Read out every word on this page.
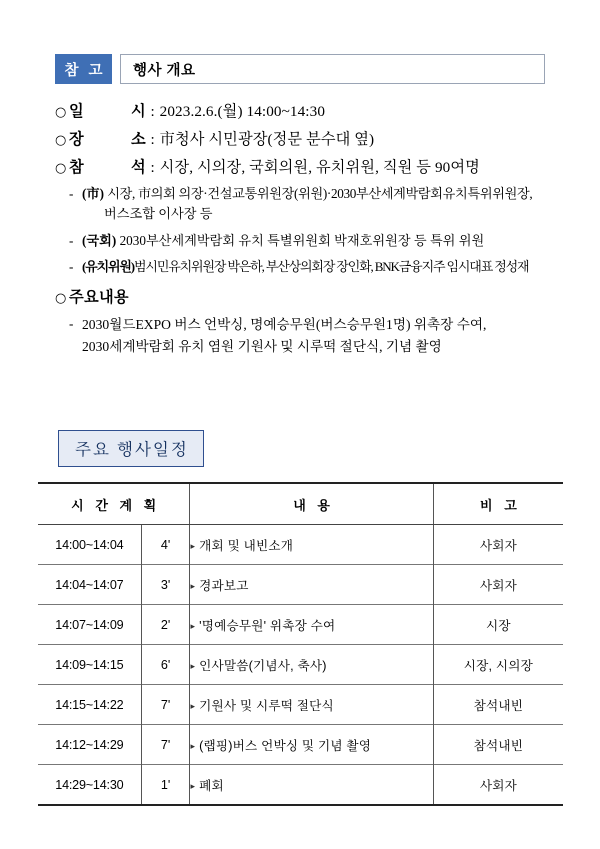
참 고	행사 개요
○ 일	시 : 2023.2.6.(월) 14:00~14:30
○ 장	소 : 市청사 시민광장(정문 분수대 옆)
○ 참	석 : 시장, 시의장, 국회의원, 유치위원, 직원 등 90여명
- (市) 시장, 市의회 의장·건설교통위원장(위원)·2030부산세계박람회유치특위위원장,
버스조합 이사장 등
- (국회) 2030부산세계박람회 유치 특별위원회 박재호위원장 등 특위 위원
- (유치위원)범시민유치위원장 박은하, 부산상의회장 장인화, BNK금융지주 임시대표 정성재
○ 주요내용
- 2030월드EXPO 버스 언박싱, 명예승무원(버스승무원1명) 위촉장 수여,
2030세계박람회 유치 염원 기원사 및 시루떡 절단식, 기념 촬영
주요 행사일정
시 간 계 획		내 용	비 고
14:00~14:04	4'	▸ 개회 및 내빈소개	사회자
14:04~14:07	3'	▸ 경과보고	사회자
14:07~14:09	2'	▸ '명예승무원' 위촉장 수여	시장
14:09~14:15	6'	▸ 인사말씀(기념사, 축사)	시장, 시의장
14:15~14:22	7'	▸ 기원사 및 시루떡 절단식	참석내빈
14:12~14:29	7'	▸ (랩핑)버스 언박싱 및 기념 촬영	참석내빈
14:29~14:30	1'	▸ 폐회	사회자
